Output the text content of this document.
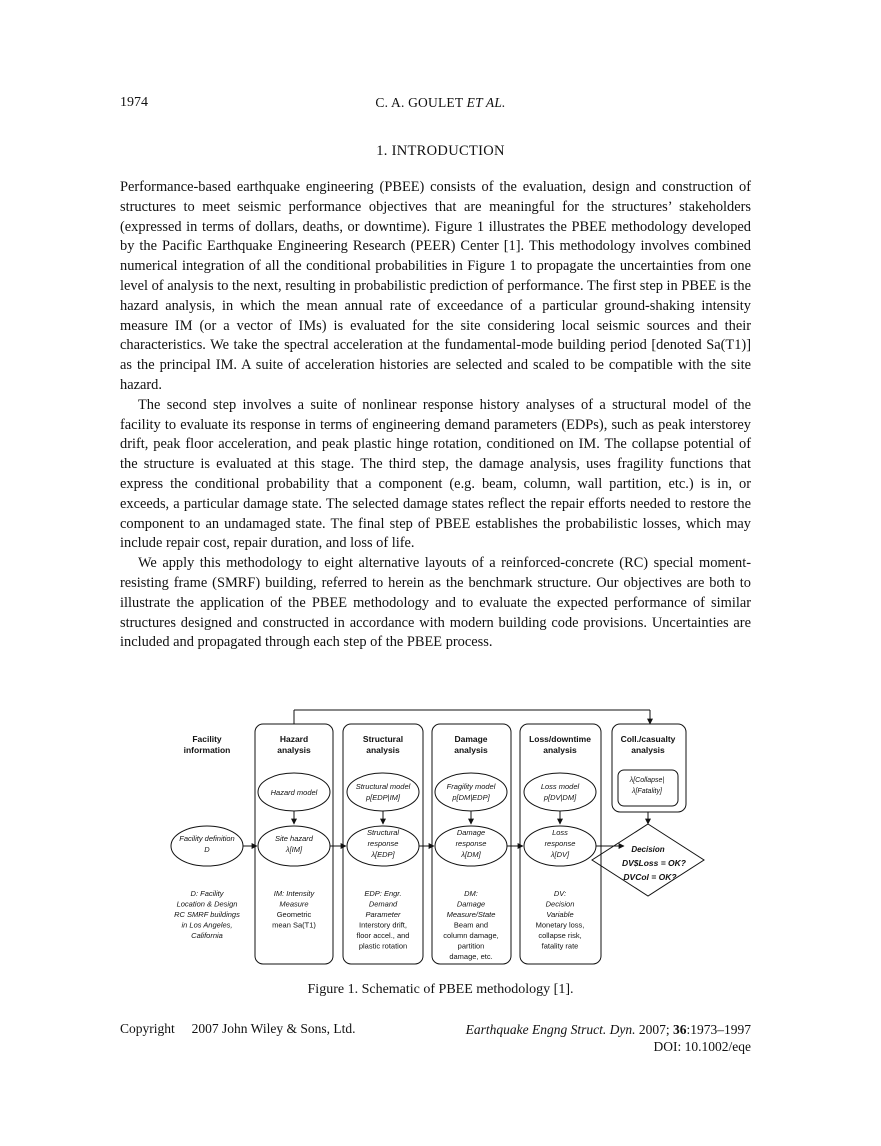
1974	C. A. GOULET ET AL.
1. INTRODUCTION

Performance-based earthquake engineering (PBEE) consists of the evaluation, design and construction of structures to meet seismic performance objectives that are meaningful for the structures’ stakeholders (expressed in terms of dollars, deaths, or downtime). Figure 1 illustrates the PBEE methodology developed by the Pacific Earthquake Engineering Research (PEER) Center [1]. This methodology involves combined numerical integration of all the conditional probabilities in Figure 1 to propagate the uncertainties from one level of analysis to the next, resulting in probabilistic prediction of performance. The first step in PBEE is the hazard analysis, in which the mean annual rate of exceedance of a particular ground-shaking intensity measure IM (or a vector of IMs) is evaluated for the site considering local seismic sources and their characteristics. We take the spectral acceleration at the fundamental-mode building period [denoted Sa(T1)] as the principal IM. A suite of acceleration histories are selected and scaled to be compatible with the site hazard.

The second step involves a suite of nonlinear response history analyses of a structural model of the facility to evaluate its response in terms of engineering demand parameters (EDPs), such as peak interstorey drift, peak floor acceleration, and peak plastic hinge rotation, conditioned on IM. The collapse potential of the structure is evaluated at this stage. The third step, the damage analysis, uses fragility functions that express the conditional probability that a component (e.g. beam, column, wall partition, etc.) is in, or exceeds, a particular damage state. The selected damage states reflect the repair efforts needed to restore the component to an undamaged state. The final step of PBEE establishes the probabilistic losses, which may include repair cost, repair duration, and loss of life.

We apply this methodology to eight alternative layouts of a reinforced-concrete (RC) special moment-resisting frame (SMRF) building, referred to herein as the benchmark structure. Our objectives are both to illustrate the application of the PBEE methodology and to evaluate the expected performance of similar structures designed and constructed in accordance with modern building code provisions. Uncertainties are included and propagated through each step of the PBEE process.

Facility
information
Hazard
analysis
Structural
analysis
Damage
analysis
Loss/downtime
analysis
Coll./casualty
analysis
Hazard model
Structural model
p[EDP|IM]
Fragility model
p[DM|EDP]
Loss model
p[DV|DM]
Facility definition
D
Site hazard
λ[IM]
Structural
response
λ[EDP]
Damage
response
λ[DM]
Loss
response
λ[DV]
λ[Collapse|
λ[Fatality]
Decision
DV$Loss = OK?
DVCol = OK?
D: Facility
Location & Design
RC SMRF buildings
in Los Angeles,
California
IM: Intensity
Measure
Geometric
mean Sa(T1)
EDP: Engr.
Demand
Parameter
Interstory drift,
floor accel., and
plastic rotation
DM:
Damage
Measure/State
Beam and
column damage,
partition
damage, etc.
DV:
Decision
Variable
Monetary loss,
collapse risk,
fatality rate
Figure 1. Schematic of PBEE methodology [1].
Copyright 2007 John Wiley & Sons, Ltd.	Earthquake Engng Struct. Dyn. 2007; 36:1973–1997
DOI: 10.1002/eqe
